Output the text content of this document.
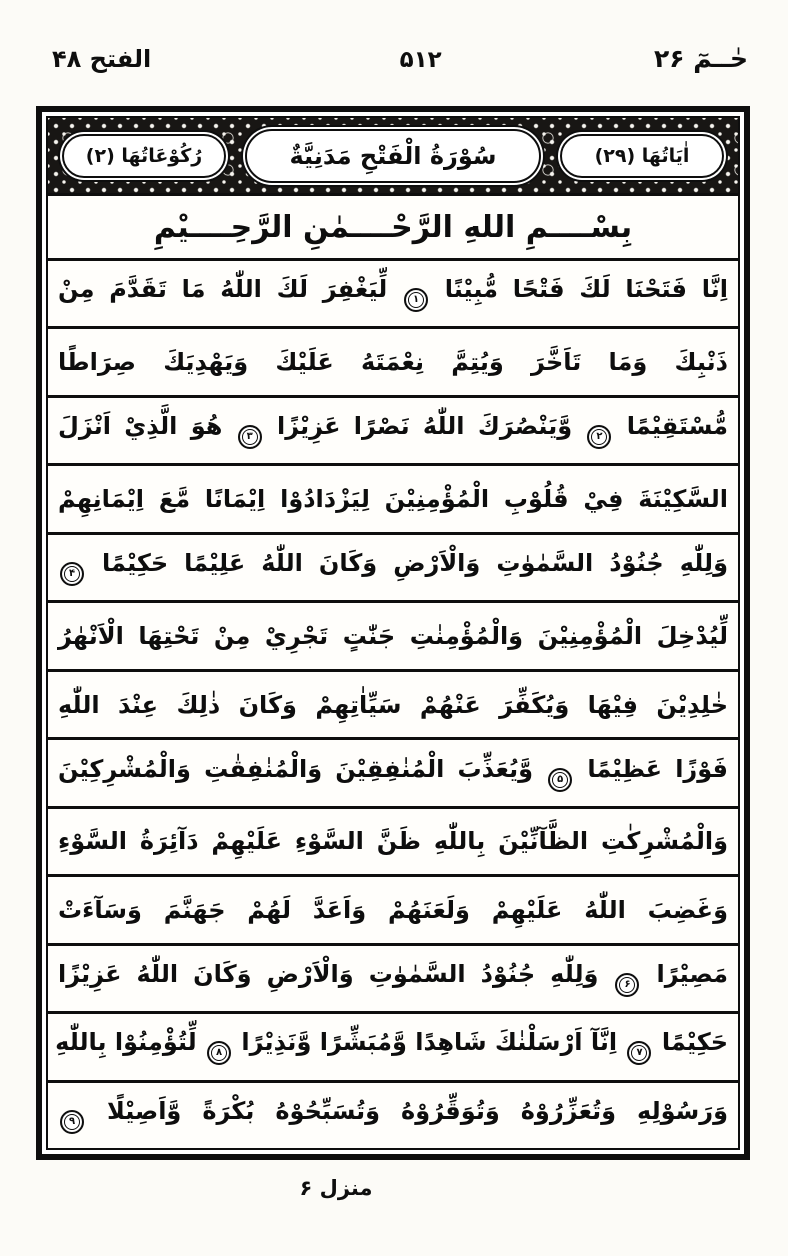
حٰــمٓ ۲۶
۵۱۲
الفتح ۴۸
اٰيَاتُهَا (۲۹)
سُوْرَةُ الْفَتْحِ مَدَنِيَّةٌ
رُكُوْعَاتُهَا (۲)
بِسْــــمِ اللهِ الرَّحْــــمٰنِ الرَّحِــــيْمِ
اِنَّا فَتَحْنَا لَكَ فَتْحًا مُّبِيْنًا ۱ لِّيَغْفِرَ لَكَ اللّٰهُ مَا تَقَدَّمَ مِنْ
ذَنْبِكَ وَمَا تَاَخَّرَ وَيُتِمَّ نِعْمَتَهُ عَلَيْكَ وَيَهْدِيَكَ صِرَاطًا
مُّسْتَقِيْمًا ۲ وَّيَنْصُرَكَ اللّٰهُ نَصْرًا عَزِيْزًا ۳ هُوَ الَّذِيْ اَنْزَلَ
السَّكِيْنَةَ فِيْ قُلُوْبِ الْمُؤْمِنِيْنَ لِيَزْدَادُوْا اِيْمَانًا مَّعَ اِيْمَانِهِمْ
وَلِلّٰهِ جُنُوْدُ السَّمٰوٰتِ وَالْاَرْضِ وَكَانَ اللّٰهُ عَلِيْمًا حَكِيْمًا ۴
لِّيُدْخِلَ الْمُؤْمِنِيْنَ وَالْمُؤْمِنٰتِ جَنّٰتٍ تَجْرِيْ مِنْ تَحْتِهَا الْاَنْهٰرُ
خٰلِدِيْنَ فِيْهَا وَيُكَفِّرَ عَنْهُمْ سَيِّاٰتِهِمْ وَكَانَ ذٰلِكَ عِنْدَ اللّٰهِ
فَوْزًا عَظِيْمًا ۵ وَّيُعَذِّبَ الْمُنٰفِقِيْنَ وَالْمُنٰفِقٰتِ وَالْمُشْرِكِيْنَ
وَالْمُشْرِكٰتِ الظَّآنِّيْنَ بِاللّٰهِ ظَنَّ السَّوْءِ عَلَيْهِمْ دَآئِرَةُ السَّوْءِ
وَغَضِبَ اللّٰهُ عَلَيْهِمْ وَلَعَنَهُمْ وَاَعَدَّ لَهُمْ جَهَنَّمَ وَسَآءَتْ
مَصِيْرًا ۶ وَلِلّٰهِ جُنُوْدُ السَّمٰوٰتِ وَالْاَرْضِ وَكَانَ اللّٰهُ عَزِيْزًا
حَكِيْمًا ۷ اِنَّآ اَرْسَلْنٰكَ شَاهِدًا وَّمُبَشِّرًا وَّنَذِيْرًا ۸ لِّتُؤْمِنُوْا بِاللّٰهِ
وَرَسُوْلِهِ وَتُعَزِّرُوْهُ وَتُوَقِّرُوْهُ وَتُسَبِّحُوْهُ بُكْرَةً وَّاَصِيْلًا ۹
منزل ۶
